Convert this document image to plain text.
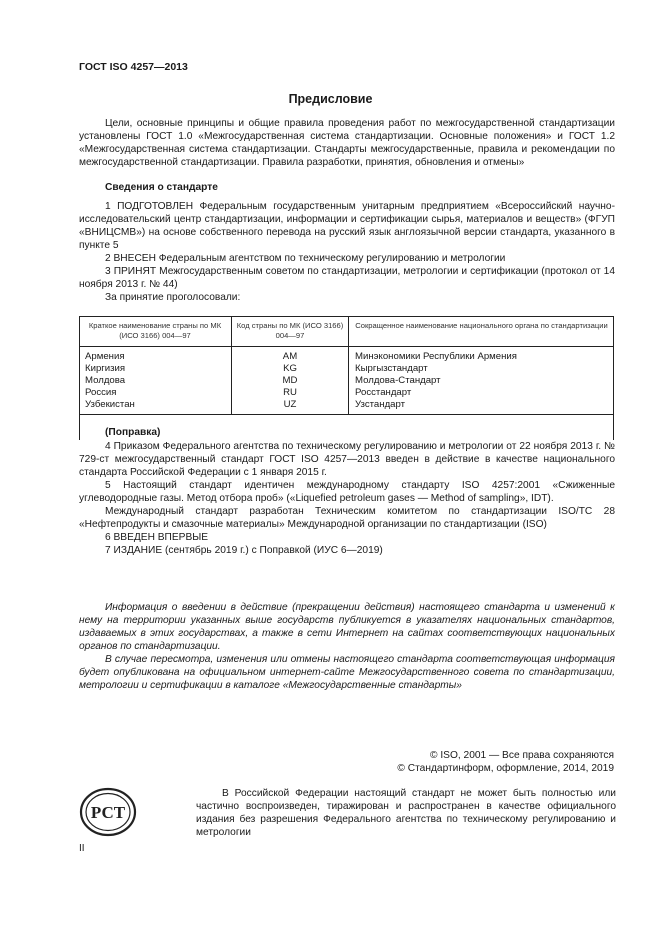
ГОСТ ISO 4257—2013
Предисловие

Цели, основные принципы и общие правила проведения работ по межгосударственной стандартизации установлены ГОСТ 1.0 «Межгосударственная система стандартизации. Основные положения» и ГОСТ 1.2 «Межгосударственная система стандартизации. Стандарты межгосударственные, правила и рекомендации по межгосударственной стандартизации. Правила разработки, принятия, обновления и отмены»

Сведения о стандарте

1 ПОДГОТОВЛЕН Федеральным государственным унитарным предприятием «Всероссийский научно-исследовательский центр стандартизации, информации и сертификации сырья, материалов и веществ» (ФГУП «ВНИЦСМВ») на основе собственного перевода на русский язык англоязычной версии стандарта, указанного в пункте 5

2 ВНЕСЕН Федеральным агентством по техническому регулированию и метрологии

3 ПРИНЯТ Межгосударственным советом по стандартизации, метрологии и сертификации (протокол от 14 ноября 2013 г. № 44)

За принятие проголосовали:

Краткое наименование страны по МК (ИСО 3166) 004—97	Код страны по МК (ИСО 3166) 004—97	Сокращенное наименование национального органа по стандартизации
Армения	AM	Минэкономики Республики Армения
Киргизия	KG	Кыргызстандарт
Молдова	MD	Молдова-Стандарт
Россия	RU	Росстандарт
Узбекистан	UZ	Узстандарт
(Поправка)

4 Приказом Федерального агентства по техническому регулированию и метрологии от 22 ноября 2013 г. № 729-ст межгосударственный стандарт ГОСТ ISO 4257—2013 введен в действие в качестве национального стандарта Российской Федерации с 1 января 2015 г.

5 Настоящий стандарт идентичен международному стандарту ISO 4257:2001 «Сжиженные углеводородные газы. Метод отбора проб» («Liquefied petroleum gases — Method of sampling», IDT).

Международный стандарт разработан Техническим комитетом по стандартизации ISO/TC 28 «Нефтепродукты и смазочные материалы» Международной организации по стандартизации (ISO)

6 ВВЕДЕН ВПЕРВЫЕ

7 ИЗДАНИЕ (сентябрь 2019 г.) с Поправкой (ИУС 6—2019)

Информация о введении в действие (прекращении действия) настоящего стандарта и изменений к нему на территории указанных выше государств публикуется в указателях национальных стандартов, издаваемых в этих государствах, а также в сети Интернет на сайтах соответствующих национальных органов по стандартизации.

В случае пересмотра, изменения или отмены настоящего стандарта соответствующая информация будет опубликована на официальном интернет-сайте Межгосударственного совета по стандартизации, метрологии и сертификации в каталоге «Межгосударственные стандарты»

© ISO, 2001 — Все права сохраняются
© Стандартинформ, оформление, 2014, 2019
РСТ

В Российской Федерации настоящий стандарт не может быть полностью или частично воспроизведен, тиражирован и распространен в качестве официального издания без разрешения Федерального агентства по техническому регулированию и метрологии

II
